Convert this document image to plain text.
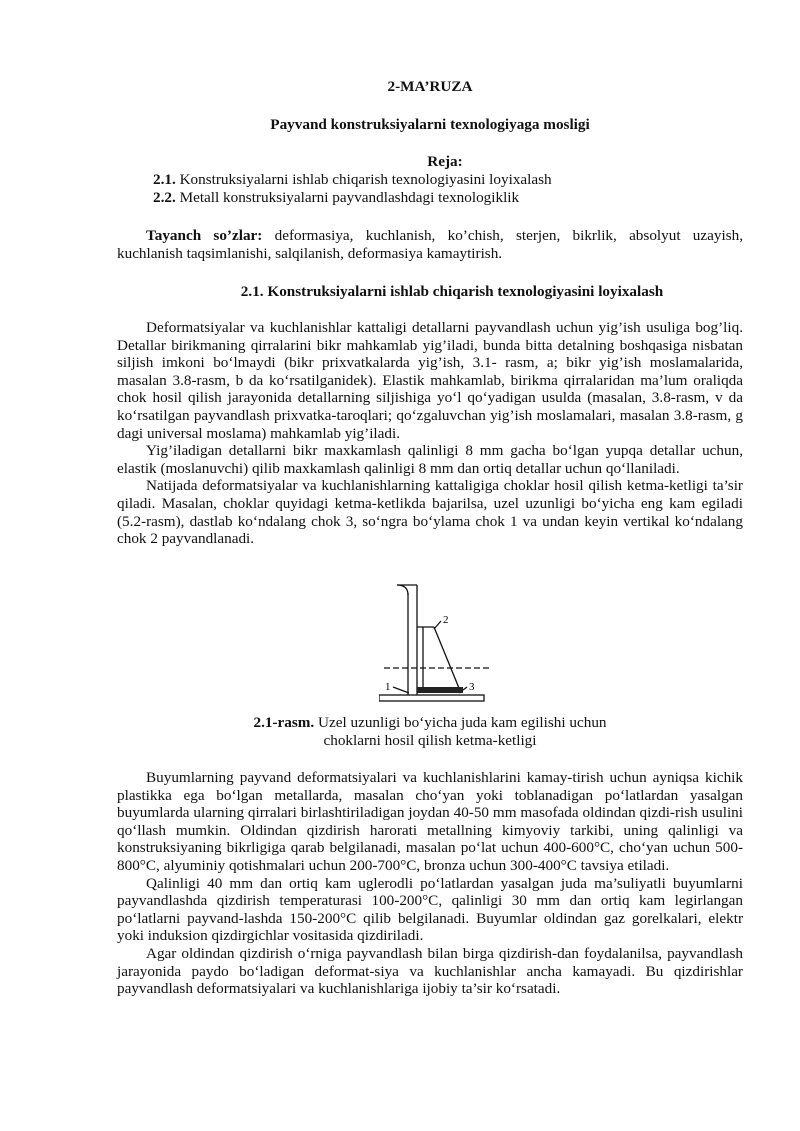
2-MA’RUZA
Payvand konstruksiyalarni texnologiyaga mosligi
Reja:
2.1. Konstruksiyalarni ishlab chiqarish texnologiyasini loyixalash
2.2. Metall konstruksiyalarni payvandlashdagi texnologiklik

Tayanch so’zlar: deformasiya, kuchlanish, ko’chish, sterjen, bikrlik, absolyut uzayish, kuchlanish taqsimlanishi, salqilanish, deformasiya kamaytirish.

2.1. Konstruksiyalarni ishlab chiqarish texnologiyasini loyixalash

Deformatsiyalar va kuchlanishlar kattaligi detallarni payvandlash uchun yig’ish usuliga bog’liq. Detallar birikmaning qirralarini bikr mahkamlab yig’iladi, bunda bitta detalning boshqasiga nisbatan siljish imkoni bo‘lmaydi (bikr prixvatkalarda yig’ish, 3.1- rasm, a; bikr yig’ish moslamalarida, masalan 3.8-rasm, b da ko‘rsatilganidek). Elastik mahkamlab, birikma qirralaridan ma’lum oraliqda chok hosil qilish jarayonida detallarning siljishiga yo‘l qo‘yadigan usulda (masalan, 3.8-rasm, v da ko‘rsatilgan payvandlash prixvatka-taroqlari; qo‘zgaluvchan yig’ish moslamalari, masalan 3.8-rasm, g dagi universal moslama) mahkamlab yig’iladi.

Yig’iladigan detallarni bikr maxkamlash qalinligi 8 mm gacha bo‘lgan yupqa detallar uchun, elastik (moslanuvchi) qilib maxkamlash qalinligi 8 mm dan ortiq detallar uchun qo‘llaniladi.

Natijada deformatsiyalar va kuchlanishlarning kattaligiga choklar hosil qilish ketma-ketligi ta’sir qiladi. Masalan, choklar quyidagi ketma-ketlikda bajarilsa, uzel uzunligi bo‘yicha eng kam egiladi (5.2-rasm), dastlab ko‘ndalang chok 3, so‘ngra bo‘ylama chok 1 va undan keyin vertikal ko‘ndalang chok 2 payvandlanadi.

2
1	3
2.1-rasm. Uzel uzunligi bo‘yicha juda kam egilishi uchun
choklarni hosil qilish ketma-ketligi

Buyumlarning payvand deformatsiyalari va kuchlanishlarini kamay-tirish uchun ayniqsa kichik plastikka ega bo‘lgan metallarda, masalan cho‘yan yoki toblanadigan po‘latlardan yasalgan buyumlarda ularning qirralari birlashtiriladigan joydan 40-50 mm masofada oldindan qizdi-rish usulini qo‘llash mumkin. Oldindan qizdirish harorati metallning kimyoviy tarkibi, uning qalinligi va konstruksiyaning bikrligiga qarab belgilanadi, masalan po‘lat uchun 400-600°C, cho‘yan uchun 500-800°C, alyuminiy qotishmalari uchun 200-700°C, bronza uchun 300-400°C tavsiya etiladi.

Qalinligi 40 mm dan ortiq kam uglerodli po‘latlardan yasalgan juda ma’suliyatli buyumlarni payvandlashda qizdirish temperaturasi 100-200°C, qalinligi 30 mm dan ortiq kam legirlangan po‘latlarni payvand-lashda 150-200°C qilib belgilanadi. Buyumlar oldindan gaz gorelkalari, elektr yoki induksion qizdirgichlar vositasida qizdiriladi.

Agar oldindan qizdirish o‘rniga payvandlash bilan birga qizdirish-dan foydalanilsa, payvandlash jarayonida paydo bo‘ladigan deformat-siya va kuchlanishlar ancha kamayadi. Bu qizdirishlar payvandlash deformatsiyalari va kuchlanishlariga ijobiy ta’sir ko‘rsatadi.
